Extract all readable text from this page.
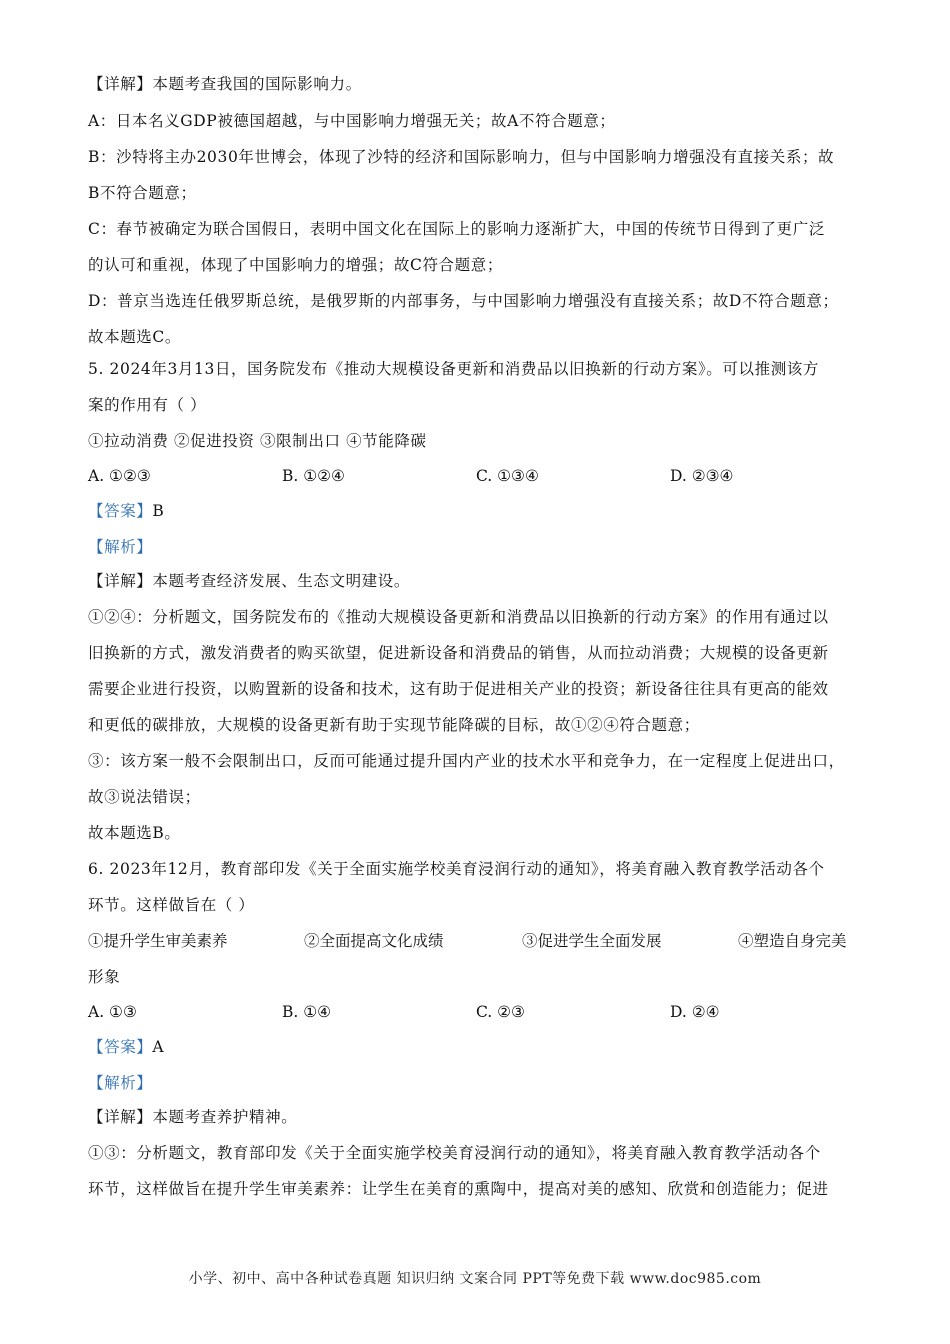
【详解】本题考查我国的国际影响力。
A：日本名义GDP被德国超越，与中国影响力增强无关；故A不符合题意；
B：沙特将主办2030年世博会，体现了沙特的经济和国际影响力，但与中国影响力增强没有直接关系；故
B不符合题意；
C：春节被确定为联合国假日，表明中国文化在国际上的影响力逐渐扩大，中国的传统节日得到了更广泛
的认可和重视，体现了中国影响力的增强；故C符合题意；
D：普京当选连任俄罗斯总统，是俄罗斯的内部事务，与中国影响力增强没有直接关系；故D不符合题意；
故本题选C。
5. 2024年3月13日，国务院发布《推动大规模设备更新和消费品以旧换新的行动方案》。可以推测该方
案的作用有（ ）
①拉动消费 ②促进投资 ③限制出口 ④节能降碳
A. ①②③	B. ①②④	C. ①③④	D. ②③④
【答案】B
【解析】
【详解】本题考查经济发展、生态文明建设。
①②④：分析题文，国务院发布的《推动大规模设备更新和消费品以旧换新的行动方案》的作用有通过以
旧换新的方式，激发消费者的购买欲望，促进新设备和消费品的销售，从而拉动消费；大规模的设备更新
需要企业进行投资，以购置新的设备和技术，这有助于促进相关产业的投资；新设备往往具有更高的能效
和更低的碳排放，大规模的设备更新有助于实现节能降碳的目标，故①②④符合题意；
③：该方案一般不会限制出口，反而可能通过提升国内产业的技术水平和竞争力，在一定程度上促进出口，
故③说法错误；
故本题选B。
6. 2023年12月，教育部印发《关于全面实施学校美育浸润行动的通知》，将美育融入教育教学活动各个
环节。这样做旨在（ ）
①提升学生审美素养	②全面提高文化成绩	③促进学生全面发展	④塑造自身完美
形象
A. ①③	B. ①④	C. ②③	D. ②④
【答案】A
【解析】
【详解】本题考查养护精神。
①③：分析题文，教育部印发《关于全面实施学校美育浸润行动的通知》，将美育融入教育教学活动各个
环节，这样做旨在提升学生审美素养：让学生在美育的熏陶中，提高对美的感知、欣赏和创造能力；促进
小学、初中、高中各种试卷真题 知识归纳 文案合同 PPT等免费下载 www.doc985.com
